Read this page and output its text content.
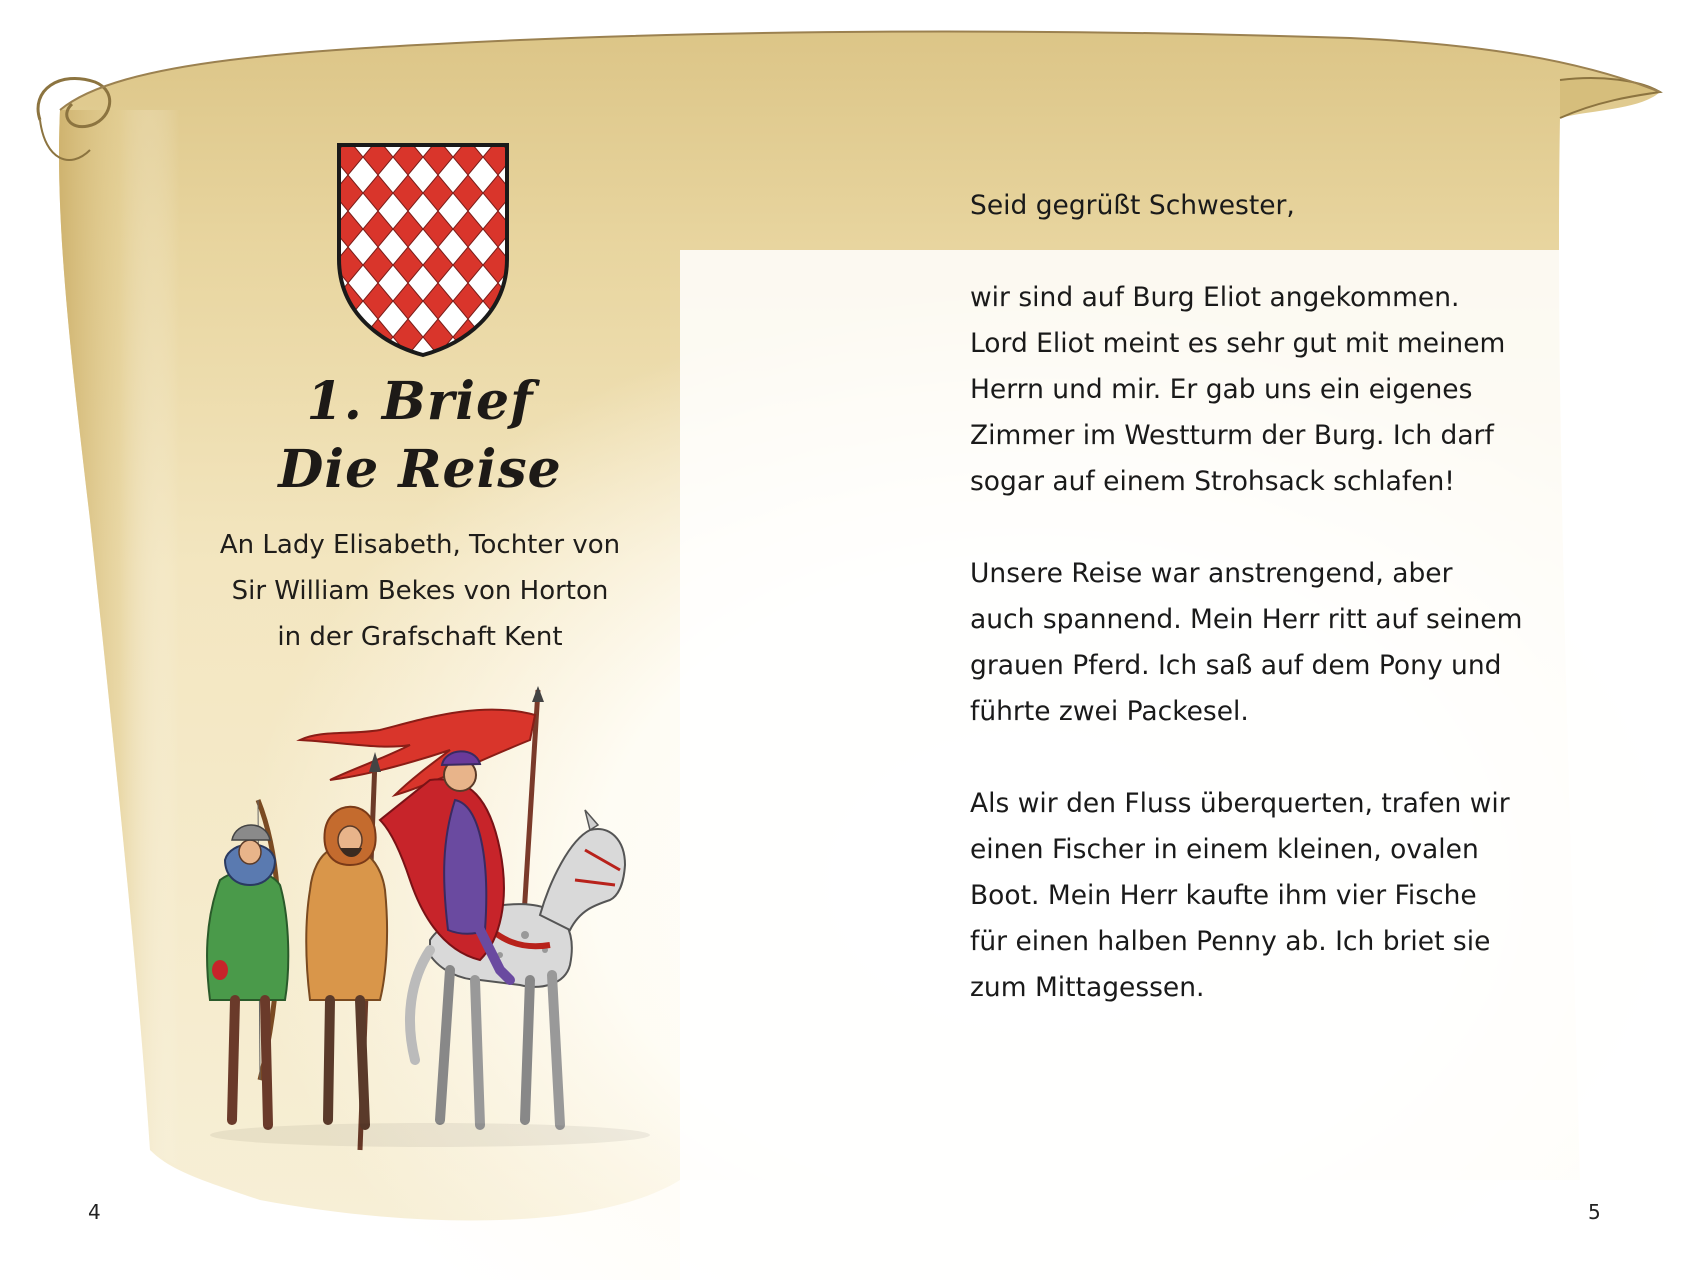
1. Brief
Die Reise
An Lady Elisabeth, Tochter von
Sir William Bekes von Horton
in der Grafschaft Kent
Seid gegrüßt Schwester,
wir sind auf Burg Eliot angekommen.
Lord Eliot meint es sehr gut mit meinem
Herrn und mir. Er gab uns ein eigenes
Zimmer im Westturm der Burg. Ich darf
sogar auf einem Strohsack schlafen!
Unsere Reise war anstrengend, aber
auch spannend. Mein Herr ritt auf seinem
grauen Pferd. Ich saß auf dem Pony und
führte zwei Packesel.
Als wir den Fluss überquerten, trafen wir
einen Fischer in einem kleinen, ovalen
Boot. Mein Herr kaufte ihm vier Fische
für einen halben Penny ab. Ich briet sie
zum Mittagessen.
4	5
